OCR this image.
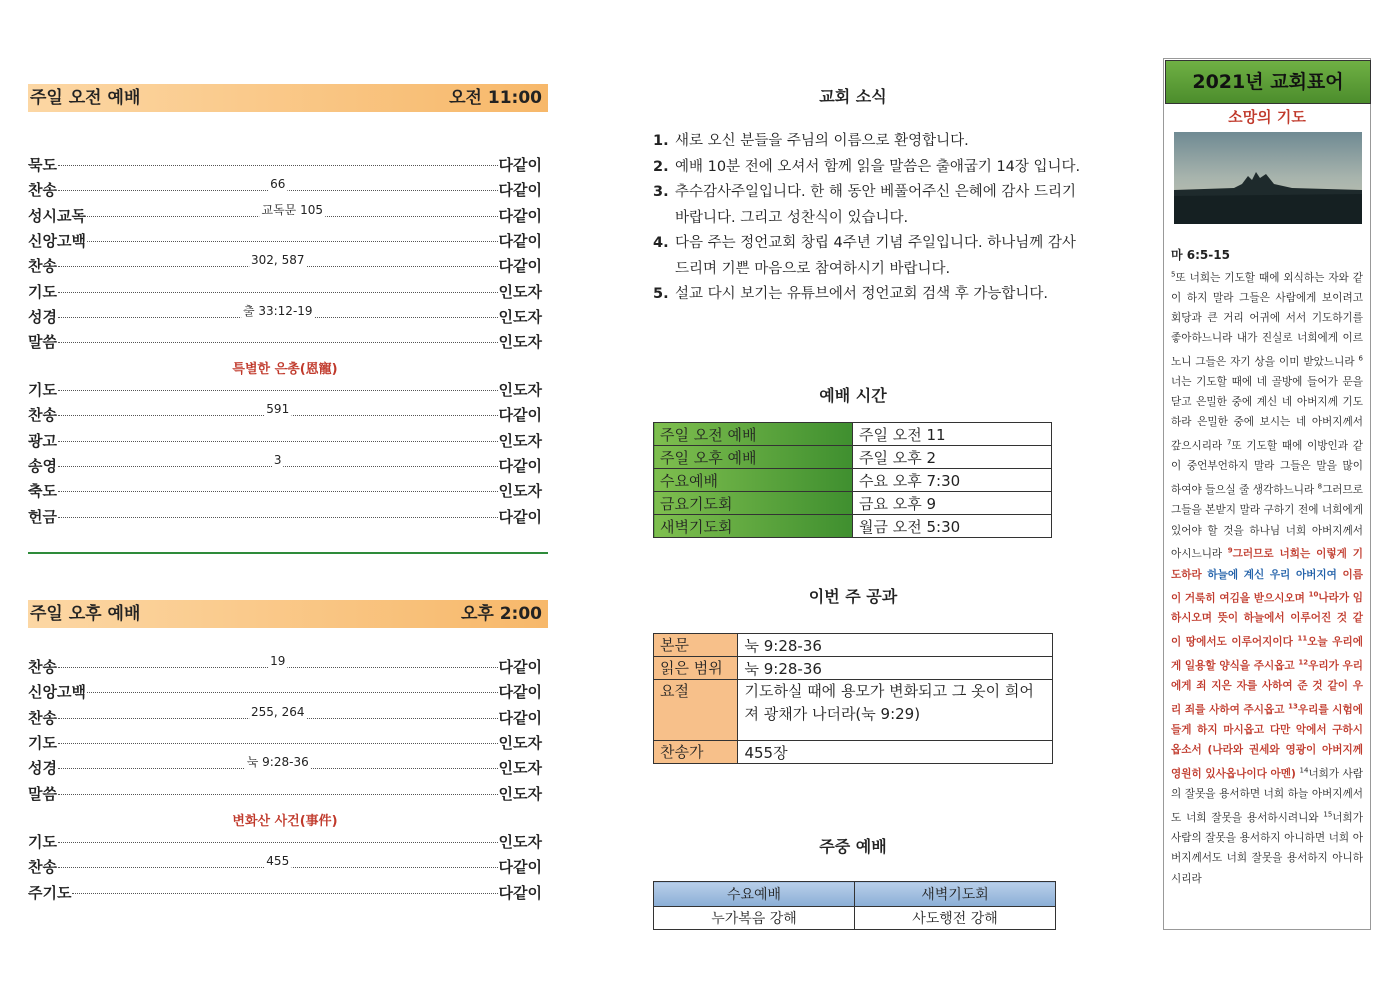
주일 오전 예배	오전 11:00
묵도	다같이
찬송	66	다같이
성시교독	교독문 105	다같이
신앙고백	다같이
찬송	302, 587	다같이
기도	인도자
성경	출 33:12-19	인도자
말씀	인도자
특별한 은총(恩寵)
기도	인도자
찬송	591	다같이
광고	인도자
송영	3	다같이
축도	인도자
헌금	다같이
주일 오후 예배	오후 2:00
찬송	19	다같이
신앙고백	다같이
찬송	255, 264	다같이
기도	인도자
성경	눅 9:28-36	인도자
말씀	인도자
변화산 사건(事件)
기도	인도자
찬송	455	다같이
주기도	다같이
교회 소식
1. 새로 오신 분들을 주님의 이름으로 환영합니다.
2. 예배 10분 전에 오셔서 함께 읽을 말씀은 출애굽기 14장 입니다.
3. 추수감사주일입니다. 한 해 동안 베풀어주신 은혜에 감사 드리기 바랍니다. 그리고 성찬식이 있습니다.
4. 다음 주는 정언교회 창립 4주년 기념 주일입니다. 하나님께 감사 드리며 기쁜 마음으로 참여하시기 바랍니다.
5. 설교 다시 보기는 유튜브에서 정언교회 검색 후 가능합니다.
예배 시간
주일 오전 예배	주일 오전 11
주일 오후 예배	주일 오후 2
수요예배	수요 오후 7:30
금요기도회	금요 오후 9
새벽기도회	월금 오전 5:30
이번 주 공과
본문	눅 9:28-36
읽은 범위	눅 9:28-36
요절	기도하실 때에 용모가 변화되고 그 옷이 희어져 광채가 나더라(눅 9:29)
찬송가	455장
주중 예배
수요예배	새벽기도회
누가복음 강해	사도행전 강해
2021년 교회표어
소망의 기도
마 6:5-15
$^5$또 너희는 기도할 때에 외식하는 자와 같이 하지 말라 그들은 사람에게 보이려고 회당과 큰 거리 어귀에 서서 기도하기를 좋아하느니라 내가 진실로 너희에게 이르노니 그들은 자기 상을 이미 받았느니라 $^6$너는 기도할 때에 네 골방에 들어가 문을 닫고 은밀한 중에 계신 네 아버지께 기도하라 은밀한 중에 보시는 네 아버지께서 갚으시리라 $^7$또 기도할 때에 이방인과 같이 중언부언하지 말라 그들은 말을 많이 하여야 들으실 줄 생각하느니라 $^8$그러므로 그들을 본받지 말라 구하기 전에 너희에게 있어야 할 것을 하나님 너희 아버지께서 아시느니라 $^9$그러므로 너희는 이렇게 기도하라 하늘에 계신 우리 아버지여 이름이 거룩히 여김을 받으시오며 $^{10}$나라가 임하시오며 뜻이 하늘에서 이루어진 것 같이 땅에서도 이루어지이다 $^{11}$오늘 우리에게 일용할 양식을 주시옵고 $^{12}$우리가 우리에게 죄 지은 자를 사하여 준 것 같이 우리 죄를 사하여 주시옵고 $^{13}$우리를 시험에 들게 하지 마시옵고 다만 악에서 구하시옵소서 (나라와 권세와 영광이 아버지께 영원히 있사옵나이다 아멘) $^{14}$너희가 사람의 잘못을 용서하면 너희 하늘 아버지께서도 너희 잘못을 용서하시려니와 $^{15}$너희가 사람의 잘못을 용서하지 아니하면 너희 아버지께서도 너희 잘못을 용서하지 아니하시리라
